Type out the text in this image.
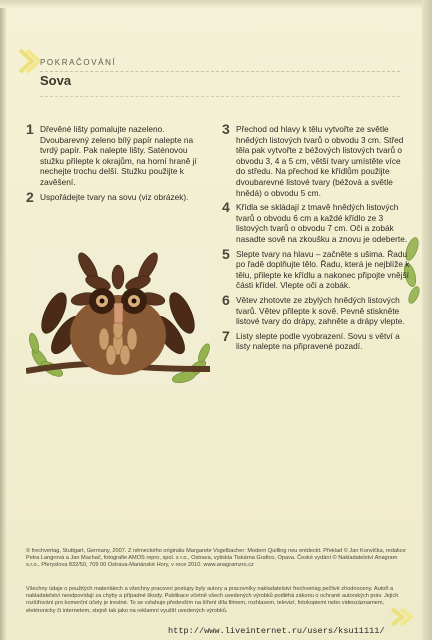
POKRAČOVÁNÍ
Sova
1 Dřevěné lišty pomalujte nazeleno. Dvoubarevný zeleno bílý papír nalepte na tvrdý papír. Pak nalepte lišty. Saténovou stužku přilepte k okrajům, na horní hraně jí nechejte trochu delší. Stužku použijte k zavěšení.
2 Uspořádejte tvary na sovu (viz obrázek).
3 Přechod od hlavy k tělu vytvořte ze světle hnědých listových tvarů o obvodu 3 cm. Střed těla pak vytvořte z béžových listových tvarů o obvodu 3, 4 a 5 cm, větší tvary umístěte více do středu. Na přechod ke křídlům použijte dvoubarevné listové tvary (béžová a světle hnědá) o obvodu 5 cm.
4 Křídla se skládají z tmavě hnědých listových tvarů o obvodu 6 cm a každé křídlo ze 3 listových tvarů o obvodu 7 cm. Oči a zobák nasadte sově na zkoušku a znovu je odeberte.
5 Slepte tvary na hlavu – začněte s ušima. Řadu po řadě doplňujte tělo. Řadu, která je nejblíže k tělu, přilepte ke křídlu a nakonec připojte vnější části křídel. Vlepte oči a zobák.
6 Větev zhotovte ze zbylých hnědých listových tvarů. Větev přilepte k sově. Pevně stiskněte listové tvary do drápy, zahněte a drápy vlepte.
7 Listy slepte podle vyobrazení. Sovu s větví a listy nalepte na připravené pozadí.
© frechverlag, Stuttgart, Germany, 2007. Z německého originálu Margarete Vogelbacher: Modern Quilling neu entdeckt. Překlad © Jan Konvička, redakce Petra Langrová a Jan Machač, fotografie AMOS repro, spol. s r.o., Ostrava, vytiskla Tiskárna Grafico, Opava. České vydání © Nakladatelství Anagram s.r.o., Pferyslova 832/50, 709 00 Ostrava-Mariánské Hory, v roce 2010. www.anagramzro.cz
Všechny údaje o použitých materiálech a všechny pracovní postupy byly autory a pracovníky nakladatelství frechverlag pečlivě zhodnoceny. Autoři a nakladatelství neodpovídají za chyby a případné škody. Publikace včetně všech uvedených výrobků podléhá zákonu o ochraně autorských práv. Jejich rozšiřování pro komerční účely je trestné. To se vztahuje především na šíření díla filmem, rozhlasem, televizí, fotokopiemi nebo videozáznamem, elektronicky či internetem, stejně tak jako na reklamní využití uvedených výrobků.
http://www.liveinternet.ru/users/ksu11111/
